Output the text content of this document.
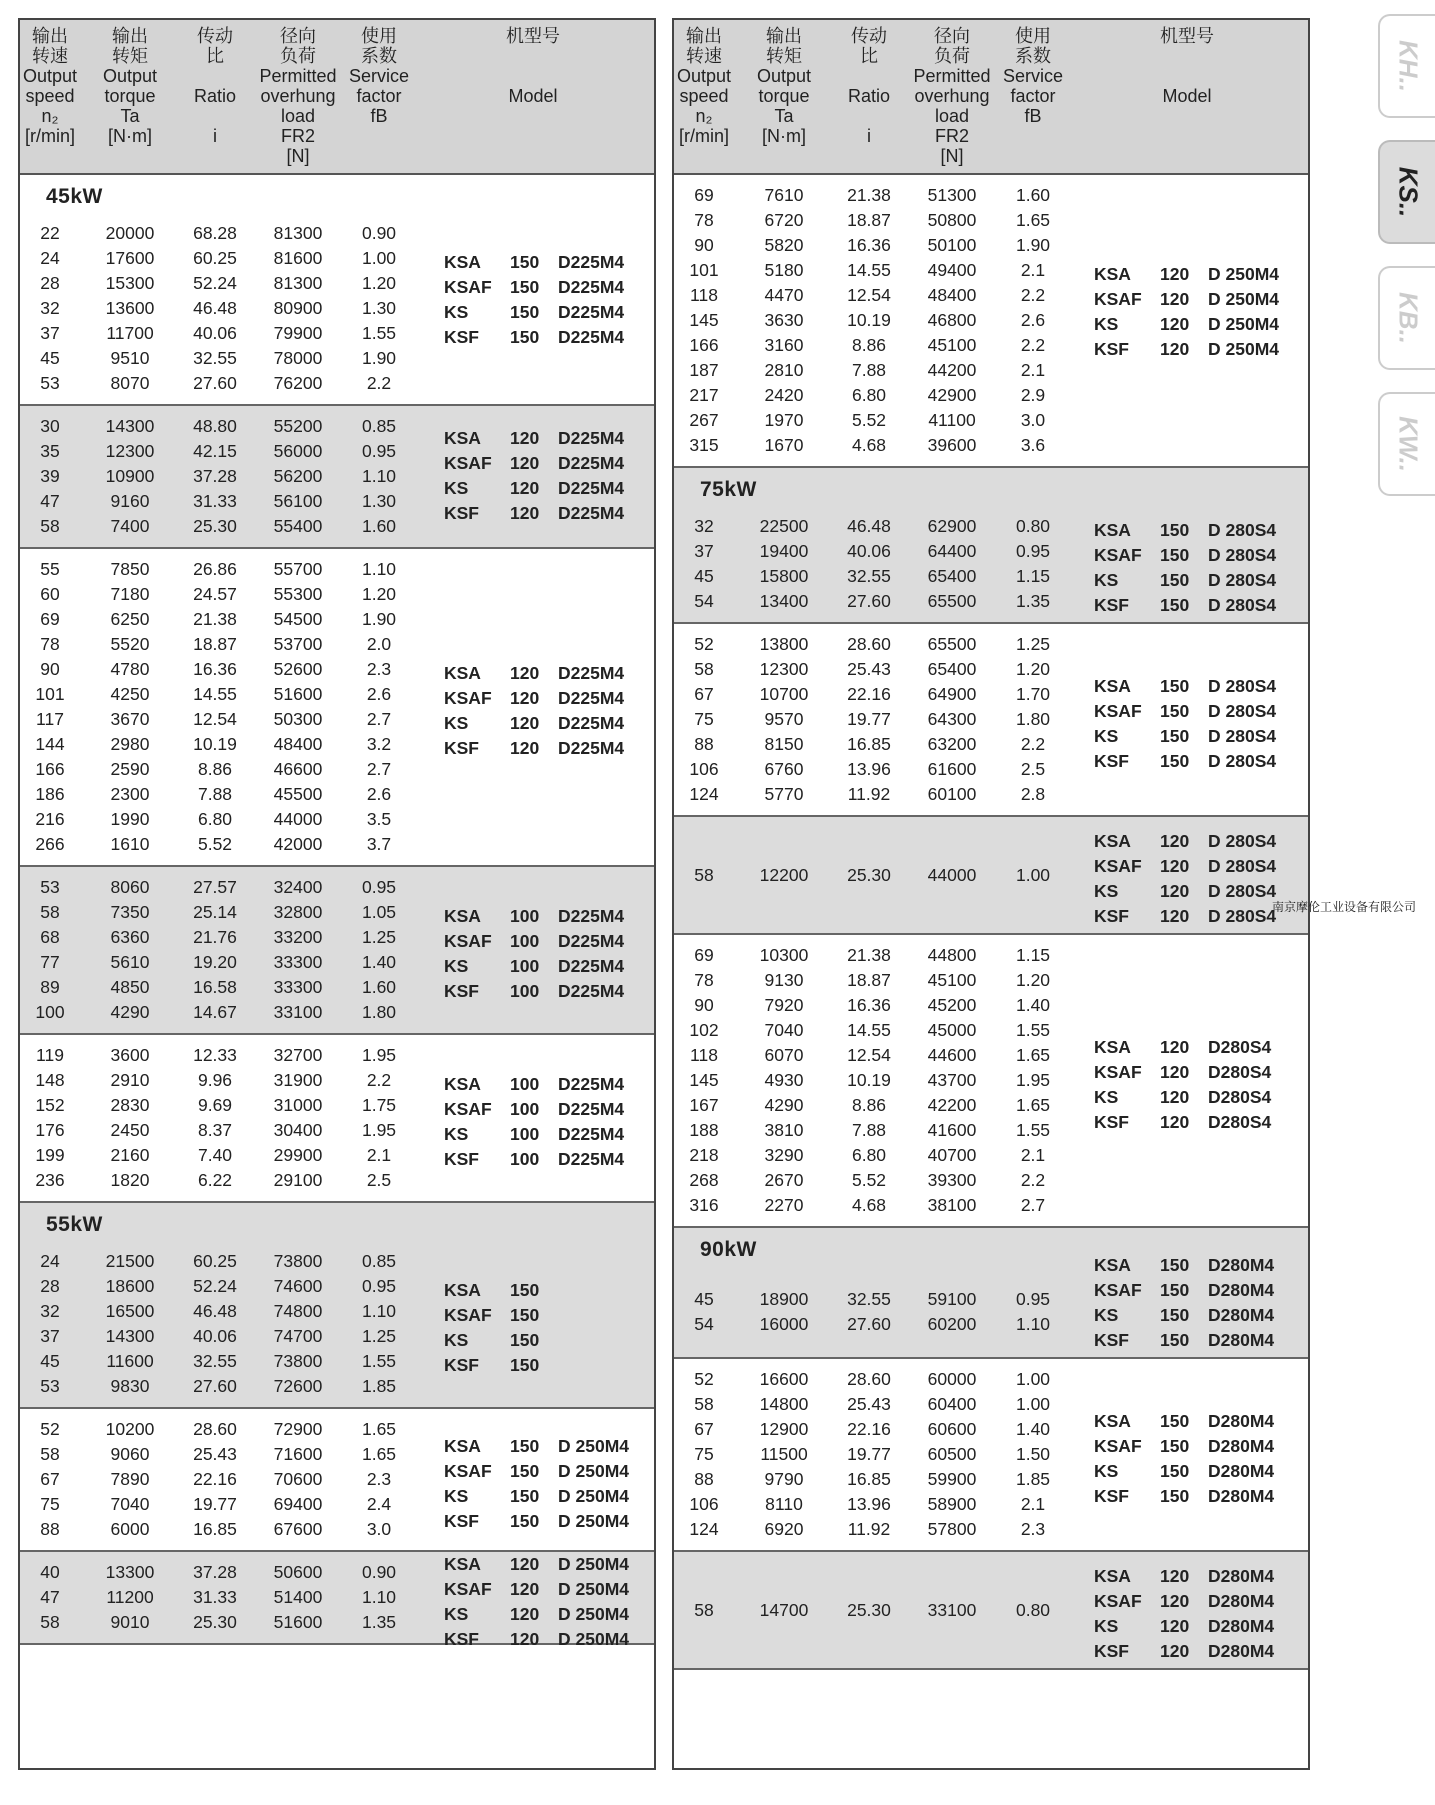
输出
转速
Output
speed
n₂
[r/min]
输出
转矩
Output
torque
Ta
[N·m]
传动
比

Ratio

i
径向
负荷
Permitted
overhung
load
FR2
[N]
使用
系数
Service
factor
fB
机型号

Model
45kW
22	20000	68.28	81300	0.90
24	17600	60.25	81600	1.00
28	15300	52.24	81300	1.20
32	13600	46.48	80900	1.30
37	11700	40.06	79900	1.55
45	9510	32.55	78000	1.90
53	8070	27.60	76200	2.2
KSA	150	D225M4
KSAF	150	D225M4
KS	150	D225M4
KSF	150	D225M4
30	14300	48.80	55200	0.85
35	12300	42.15	56000	0.95
39	10900	37.28	56200	1.10
47	9160	31.33	56100	1.30
58	7400	25.30	55400	1.60
KSA	120	D225M4
KSAF	120	D225M4
KS	120	D225M4
KSF	120	D225M4
55	7850	26.86	55700	1.10
60	7180	24.57	55300	1.20
69	6250	21.38	54500	1.90
78	5520	18.87	53700	2.0
90	4780	16.36	52600	2.3
101	4250	14.55	51600	2.6
117	3670	12.54	50300	2.7
144	2980	10.19	48400	3.2
166	2590	8.86	46600	2.7
186	2300	7.88	45500	2.6
216	1990	6.80	44000	3.5
266	1610	5.52	42000	3.7
KSA	120	D225M4
KSAF	120	D225M4
KS	120	D225M4
KSF	120	D225M4
53	8060	27.57	32400	0.95
58	7350	25.14	32800	1.05
68	6360	21.76	33200	1.25
77	5610	19.20	33300	1.40
89	4850	16.58	33300	1.60
100	4290	14.67	33100	1.80
KSA	100	D225M4
KSAF	100	D225M4
KS	100	D225M4
KSF	100	D225M4
119	3600	12.33	32700	1.95
148	2910	9.96	31900	2.2
152	2830	9.69	31000	1.75
176	2450	8.37	30400	1.95
199	2160	7.40	29900	2.1
236	1820	6.22	29100	2.5
KSA	100	D225M4
KSAF	100	D225M4
KS	100	D225M4
KSF	100	D225M4
55kW
24	21500	60.25	73800	0.85
28	18600	52.24	74600	0.95
32	16500	46.48	74800	1.10
37	14300	40.06	74700	1.25
45	11600	32.55	73800	1.55
53	9830	27.60	72600	1.85
KSA	150
KSAF	150
KS	150
KSF	150
52	10200	28.60	72900	1.65
58	9060	25.43	71600	1.65
67	7890	22.16	70600	2.3
75	7040	19.77	69400	2.4
88	6000	16.85	67600	3.0
KSA	150	D 250M4
KSAF	150	D 250M4
KS	150	D 250M4
KSF	150	D 250M4
40	13300	37.28	50600	0.90
47	11200	31.33	51400	1.10
58	9010	25.30	51600	1.35
KSA	120	D 250M4
KSAF	120	D 250M4
KS	120	D 250M4
KSF	120	D 250M4
输出
转速
Output
speed
n₂
[r/min]
输出
转矩
Output
torque
Ta
[N·m]
传动
比

Ratio

i
径向
负荷
Permitted
overhung
load
FR2
[N]
使用
系数
Service
factor
fB
机型号

Model
69	7610	21.38	51300	1.60
78	6720	18.87	50800	1.65
90	5820	16.36	50100	1.90
101	5180	14.55	49400	2.1
118	4470	12.54	48400	2.2
145	3630	10.19	46800	2.6
166	3160	8.86	45100	2.2
187	2810	7.88	44200	2.1
217	2420	6.80	42900	2.9
267	1970	5.52	41100	3.0
315	1670	4.68	39600	3.6
KSA	120	D 250M4
KSAF	120	D 250M4
KS	120	D 250M4
KSF	120	D 250M4
75kW
32	22500	46.48	62900	0.80
37	19400	40.06	64400	0.95
45	15800	32.55	65400	1.15
54	13400	27.60	65500	1.35
KSA	150	D 280S4
KSAF	150	D 280S4
KS	150	D 280S4
KSF	150	D 280S4
52	13800	28.60	65500	1.25
58	12300	25.43	65400	1.20
67	10700	22.16	64900	1.70
75	9570	19.77	64300	1.80
88	8150	16.85	63200	2.2
106	6760	13.96	61600	2.5
124	5770	11.92	60100	2.8
KSA	150	D 280S4
KSAF	150	D 280S4
KS	150	D 280S4
KSF	150	D 280S4
58	12200	25.30	44000	1.00
KSA	120	D 280S4
KSAF	120	D 280S4
KS	120	D 280S4
KSF	120	D 280S4
69	10300	21.38	44800	1.15
78	9130	18.87	45100	1.20
90	7920	16.36	45200	1.40
102	7040	14.55	45000	1.55
118	6070	12.54	44600	1.65
145	4930	10.19	43700	1.95
167	4290	8.86	42200	1.65
188	3810	7.88	41600	1.55
218	3290	6.80	40700	2.1
268	2670	5.52	39300	2.2
316	2270	4.68	38100	2.7
KSA	120	D280S4
KSAF	120	D280S4
KS	120	D280S4
KSF	120	D280S4
90kW
45	18900	32.55	59100	0.95
54	16000	27.60	60200	1.10
KSA	150	D280M4
KSAF	150	D280M4
KS	150	D280M4
KSF	150	D280M4
52	16600	28.60	60000	1.00
58	14800	25.43	60400	1.00
67	12900	22.16	60600	1.40
75	11500	19.77	60500	1.50
88	9790	16.85	59900	1.85
106	8110	13.96	58900	2.1
124	6920	11.92	57800	2.3
KSA	150	D280M4
KSAF	150	D280M4
KS	150	D280M4
KSF	150	D280M4
58	14700	25.30	33100	0.80
KSA	120	D280M4
KSAF	120	D280M4
KS	120	D280M4
KSF	120	D280M4
KH..
KS..
KB..
KW..
南京摩伦工业设备有限公司
